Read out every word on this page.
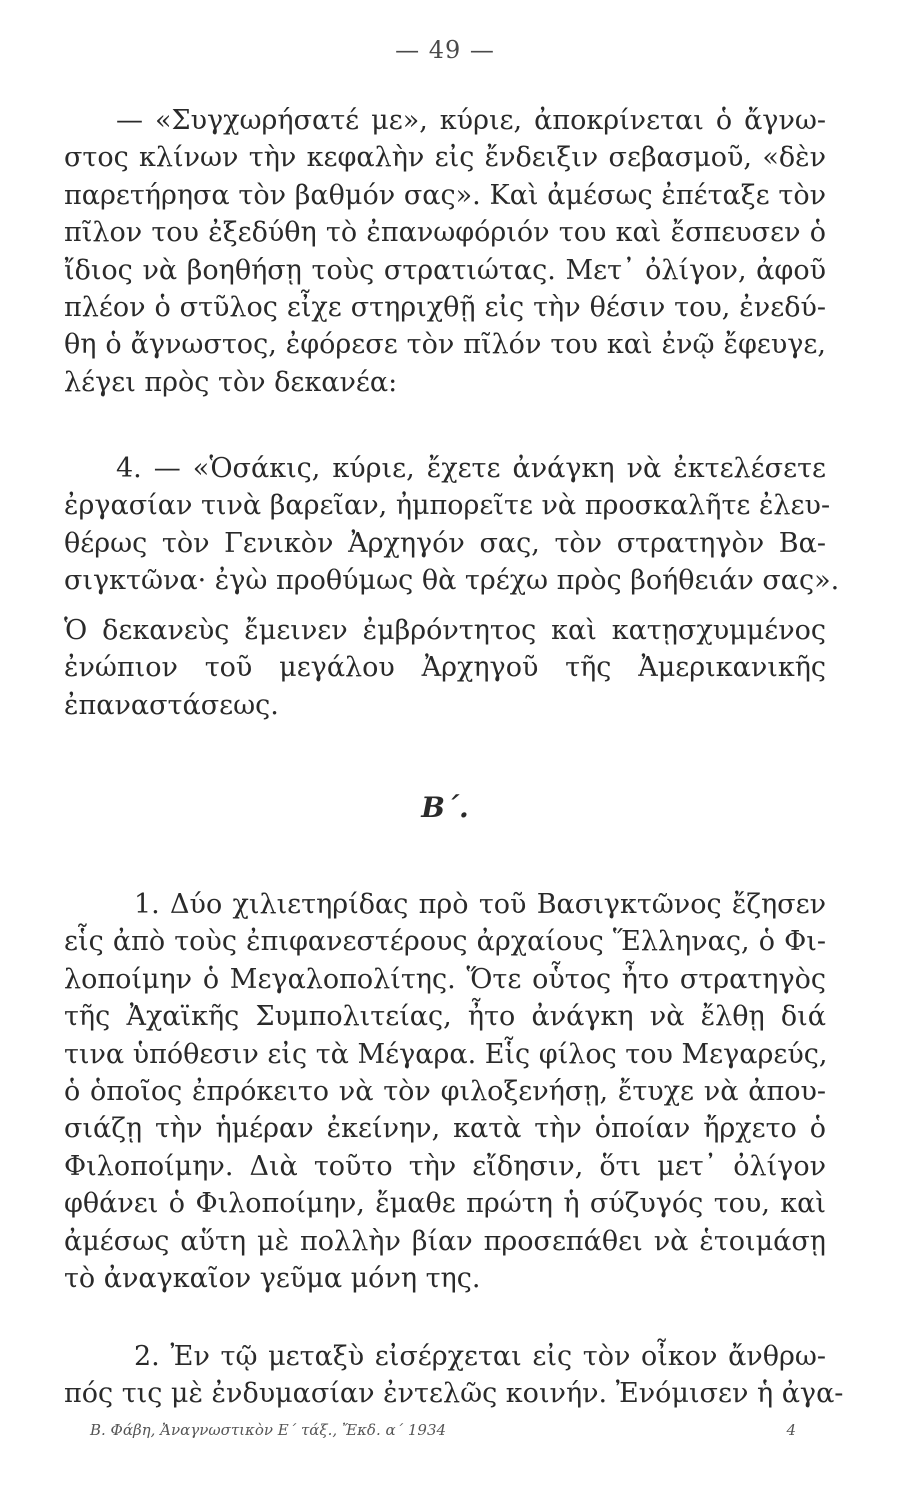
— 49 —
— «Συγχωρήσατέ με», κύριε, ἀποκρίνεται ὁ ἄγνω-
στος κλίνων τὴν κεφαλὴν εἰς ἔνδειξιν σεβασμοῦ, «δὲν
παρετήρησα τὸν βαθμόν σας». Καὶ ἀμέσως ἐπέταξε τὸν
πῖλον του ἐξεδύθη τὸ ἐπανωφόριόν του καὶ ἔσπευσεν ὁ
ἴδιος νὰ βοηθήσῃ τοὺς στρατιώτας. Μετ᾽ ὀλίγον, ἀφοῦ
πλέον ὁ στῦλος εἶχε στηριχθῇ εἰς τὴν θέσιν του, ἐνεδύ-
θη ὁ ἄγνωστος, ἐφόρεσε τὸν πῖλόν του καὶ ἐνῷ ἔφευγε,
λέγει πρὸς τὸν δεκανέα:
4. — «Ὁσάκις, κύριε, ἔχετε ἀνάγκη νὰ ἐκτελέσετε
ἐργασίαν τινὰ βαρεῖαν, ἠμπορεῖτε νὰ προσκαλῆτε ἐλευ-
θέρως τὸν Γενικὸν Ἀρχηγόν σας, τὸν στρατηγὸν Βα-
σιγκτῶνα· ἐγὼ προθύμως θὰ τρέχω πρὸς βοήθειάν σας».
Ὁ δεκανεὺς ἔμεινεν ἐμβρόντητος καὶ κατῃσχυμμένος
ἐνώπιον τοῦ μεγάλου Ἀρχηγοῦ τῆς Ἀμερικανικῆς
ἐπαναστάσεως.
Β΄.
1. Δύο χιλιετηρίδας πρὸ τοῦ Βασιγκτῶνος ἔζησεν
εἷς ἀπὸ τοὺς ἐπιφανεστέρους ἀρχαίους Ἕλληνας, ὁ Φι-
λοποίμην ὁ Μεγαλοπολίτης. Ὅτε οὗτος ἦτο στρατηγὸς
τῆς Ἀχαϊκῆς Συμπολιτείας, ἦτο ἀνάγκη νὰ ἔλθῃ διά
τινα ὑπόθεσιν εἰς τὰ Μέγαρα. Εἷς φίλος του Μεγαρεύς,
ὁ ὁποῖος ἐπρόκειτο νὰ τὸν φιλοξενήσῃ, ἔτυχε νὰ ἀπου-
σιάζῃ τὴν ἡμέραν ἐκείνην, κατὰ τὴν ὁποίαν ἤρχετο ὁ
Φιλοποίμην. Διὰ τοῦτο τὴν εἴδησιν, ὅτι μετ᾽ ὀλίγον
φθάνει ὁ Φιλοποίμην, ἔμαθε πρώτη ἡ σύζυγός του, καὶ
ἀμέσως αὕτη μὲ πολλὴν βίαν προσεπάθει νὰ ἑτοιμάσῃ
τὸ ἀναγκαῖον γεῦμα μόνη της.
2. Ἐν τῷ μεταξὺ εἰσέρχεται εἰς τὸν οἶκον ἄνθρω-
πός τις μὲ ἐνδυμασίαν ἐντελῶς κοινήν. Ἐνόμισεν ἡ ἀγα-
Β. Φάβη, Ἀναγνωστικὸν Ε΄ τάξ., Ἔκδ. α΄ 1934	4
